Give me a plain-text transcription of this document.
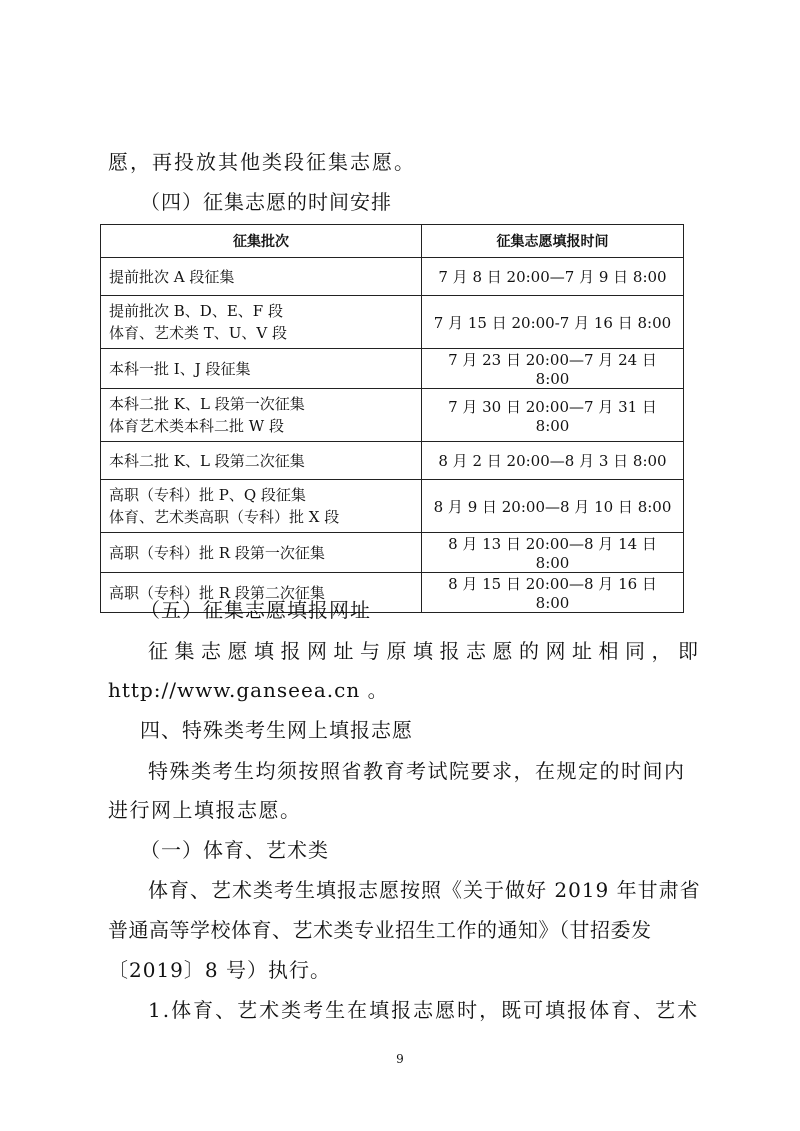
愿，再投放其他类段征集志愿。
（四）征集志愿的时间安排
征集批次	征集志愿填报时间

提前批次 A 段征集	7 月 8 日 20:00—7 月 9 日 8:00

提前批次 B、D、E、F 段
体育、艺术类 T、U、V 段	7 月 15 日 20:00-7 月 16 日 8:00

本科一批 I、J 段征集	7 月 23 日 20:00—7 月 24 日 8:00

本科二批 K、L 段第一次征集
体育艺术类本科二批 W 段	7 月 30 日 20:00—7 月 31 日 8:00

本科二批 K、L 段第二次征集	8 月 2 日 20:00—8 月 3 日 8:00

高职（专科）批 P、Q 段征集
体育、艺术类高职（专科）批 X 段	8 月 9 日 20:00—8 月 10 日 8:00

高职（专科）批 R 段第一次征集	8 月 13 日 20:00—8 月 14 日 8:00

高职（专科）批 R 段第二次征集	8 月 15 日 20:00—8 月 16 日 8:00
（五）征集志愿填报网址
征集志愿填报网址与原填报志愿的网址相同，即
http://www.ganseea.cn 。
四、特殊类考生网上填报志愿
特殊类考生均须按照省教育考试院要求，在规定的时间内
进行网上填报志愿。
（一）体育、艺术类
体育、艺术类考生填报志愿按照《关于做好 2019 年甘肃省
普通高等学校体育、艺术类专业招生工作的通知》（甘招委发
〔2019〕8 号）执行。
1.体育、艺术类考生在填报志愿时，既可填报体育、艺术
9
